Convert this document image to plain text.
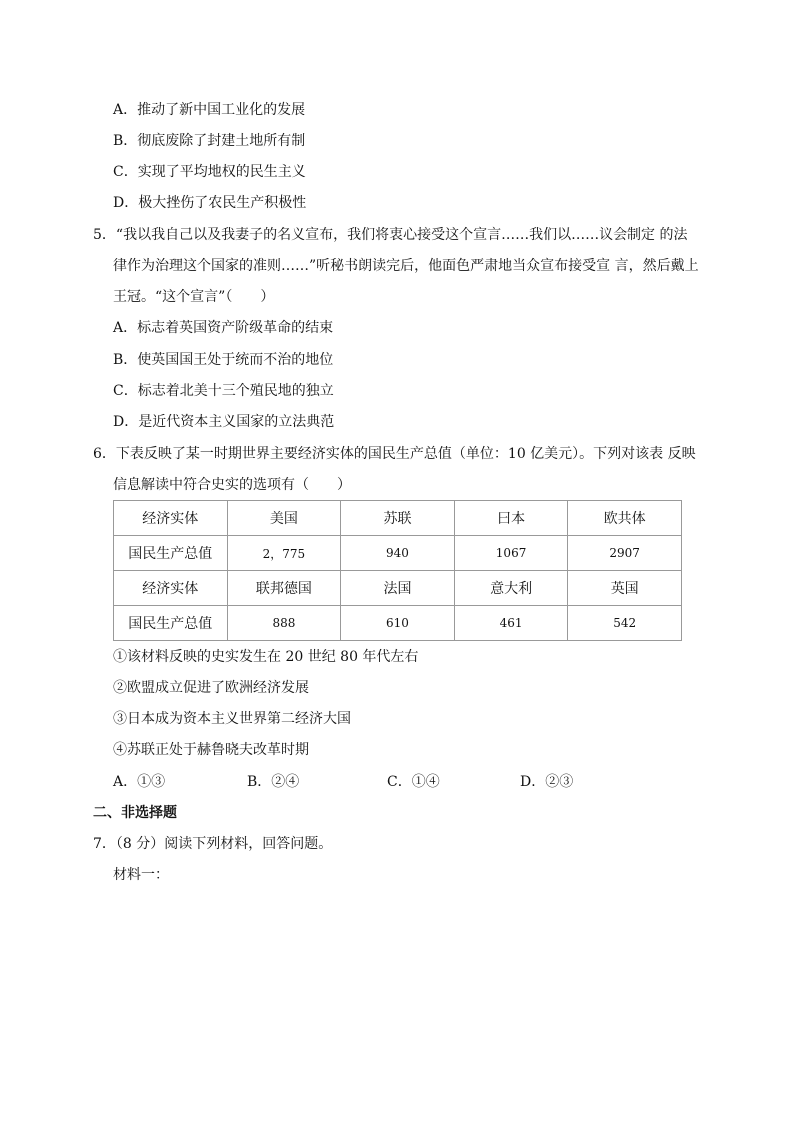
A．推动了新中国工业化的发展
B．彻底废除了封建土地所有制
C．实现了平均地权的民生主义
D．极大挫伤了农民生产积极性
5．“我以我自己以及我妻子的名义宣布，我们将衷心接受这个宣言……我们以……议会制定 的法
律作为治理这个国家的准则……”听秘书朗读完后，他面色严肃地当众宣布接受宣 言，然后戴上
王冠。“这个宣言”（　　）
A．标志着英国资产阶级革命的结束
B．使英国国王处于统而不治的地位
C．标志着北美十三个殖民地的独立
D．是近代资本主义国家的立法典范
6．下表反映了某一时期世界主要经济实体的国民生产总值（单位：10 亿美元）。下列对该表 反映
信息解读中符合史实的选项有（　　）
经济实体	美国	苏联	曰本	欧共体
国民生产总值	2，775	940	1067	2907
经济实体	联邦德国	法国	意大利	英国
国民生产总值	888	610	461	542
①该材料反映的史实发生在 20 世纪 80 年代左右
②欧盟成立促进了欧洲经济发展
③日本成为资本主义世界第二经济大国
④苏联正处于赫鲁晓夫改革时期
A．①③	B．②④	C．①④	D．②③
二、非选择题
7．（8 分）阅读下列材料，回答问题。
材料一：
